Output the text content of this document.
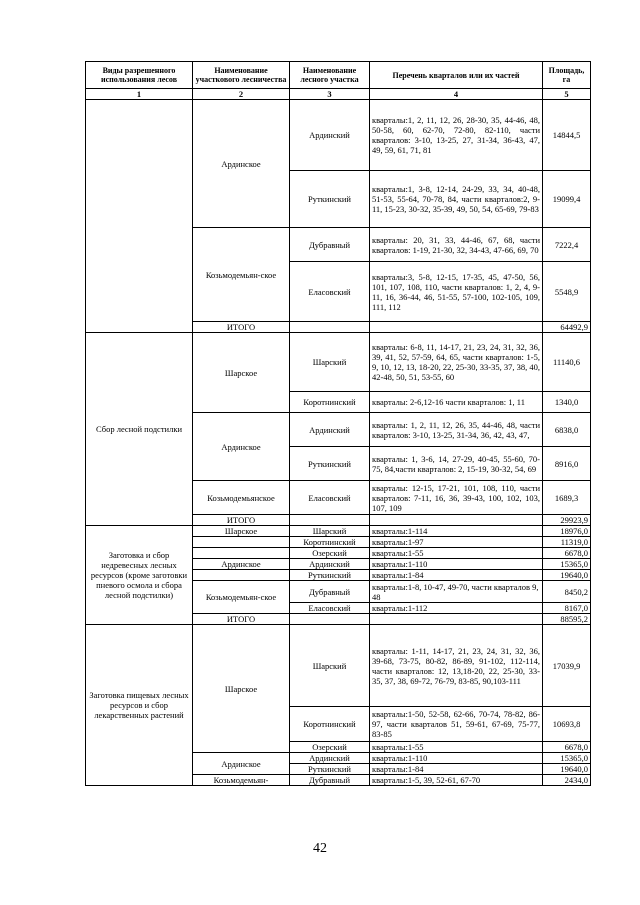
Виды разрешенного использования лесов	Наименование участкового лесничества	Наименование лесного участка	Перечень кварталов или их частей	Площадь, га
1	2	3	4	5
	Ардинское	Ардинский	кварталы:1, 2, 11, 12, 26, 28-30, 35, 44-46, 48, 50-58, 60, 62-70, 72-80, 82-110, части кварталов: 3-10, 13-25, 27, 31-34, 36-43, 47, 49, 59, 61, 71, 81	14844,5
		Руткинский	кварталы:1, 3-8, 12-14, 24-29, 33, 34, 40-48, 51-53, 55-64, 70-78, 84, части кварталов:2, 9-11, 15-23, 30-32, 35-39, 49, 50, 54, 65-69, 79-83	19099,4
	Козьмодемьян-ское	Дубравный	кварталы: 20, 31, 33, 44-46, 67, 68, части кварталов: 1-19, 21-30, 32, 34-43, 47-66, 69, 70	7222,4
		Еласовский	кварталы:3, 5-8, 12-15, 17-35, 45, 47-50, 56, 101, 107, 108, 110, части кварталов: 1, 2, 4, 9- 11, 16, 36-44, 46, 51-55, 57-100, 102-105, 109, 111, 112	5548,9
	ИТОГО			64492,9
Сбор лесной подстилки	Шарское	Шарский	кварталы: 6-8, 11, 14-17, 21, 23, 24, 31, 32, 36, 39, 41, 52, 57-59, 64, 65, части кварталов: 1-5, 9, 10, 12, 13, 18-20, 22, 25-30, 33-35, 37, 38, 40, 42-48, 50, 51, 53-55, 60	11140,6
		Коротнинский	кварталы: 2-6,12-16 части кварталов: 1, 11	1340,0
	Ардинское	Ардинский	кварталы: 1, 2, 11, 12, 26, 35, 44-46, 48, части кварталов: 3-10, 13-25, 31-34, 36, 42, 43, 47,	6838,0
		Руткинский	кварталы: 1, 3-6, 14, 27-29, 40-45, 55-60, 70-75, 84,части кварталов: 2, 15-19, 30-32, 54, 69	8916,0
	Козьмодемьянское	Еласовский	кварталы: 12-15, 17-21, 101, 108, 110, части кварталов: 7-11, 16, 36, 39-43, 100, 102, 103, 107, 109	1689,3
	ИТОГО			29923,9

Заготовка и сбор недревесных лесных ресурсов (кроме заготовки пневого осмола и сбора лесной подстилки)	Шарское	Шарский	кварталы:1-114	18976,0
		Коротнинский	кварталы:1-97	11319,0
		Озерский	кварталы:1-55	6678,0
	Ардинское	Ардинский	кварталы:1-110	15365,0
		Руткинский	кварталы:1-84	19640,0
	Козьмодемьян-ское	Дубравный	кварталы:1-8, 10-47, 49-70, части кварталов 9, 48	8450,2
		Еласовский	кварталы:1-112	8167,0
	ИТОГО			88595,2

Заготовка пищевых лесных ресурсов и сбор лекарственных растений	Шарское	Шарский	кварталы: 1-11, 14-17, 21, 23, 24, 31, 32, 36, 39-68, 73-75, 80-82, 86-89, 91-102, 112-114, части кварталов: 12, 13,18-20, 22, 25-30, 33-35, 37, 38, 69-72, 76-79, 83-85, 90,103-111	17039,9
		Коротнинский	кварталы:1-50, 52-58, 62-66, 70-74, 78-82, 86-97, части кварталов 51, 59-61, 67-69, 75-77, 83-85	10693,8
		Озерский	кварталы:1-55	6678,0
	Ардинское	Ардинский	кварталы:1-110	15365,0
		Руткинский	кварталы:1-84	19640,0
	Козьмодемьян-	Дубравный	кварталы:1-5, 39, 52-61, 67-70	2434,0
42
